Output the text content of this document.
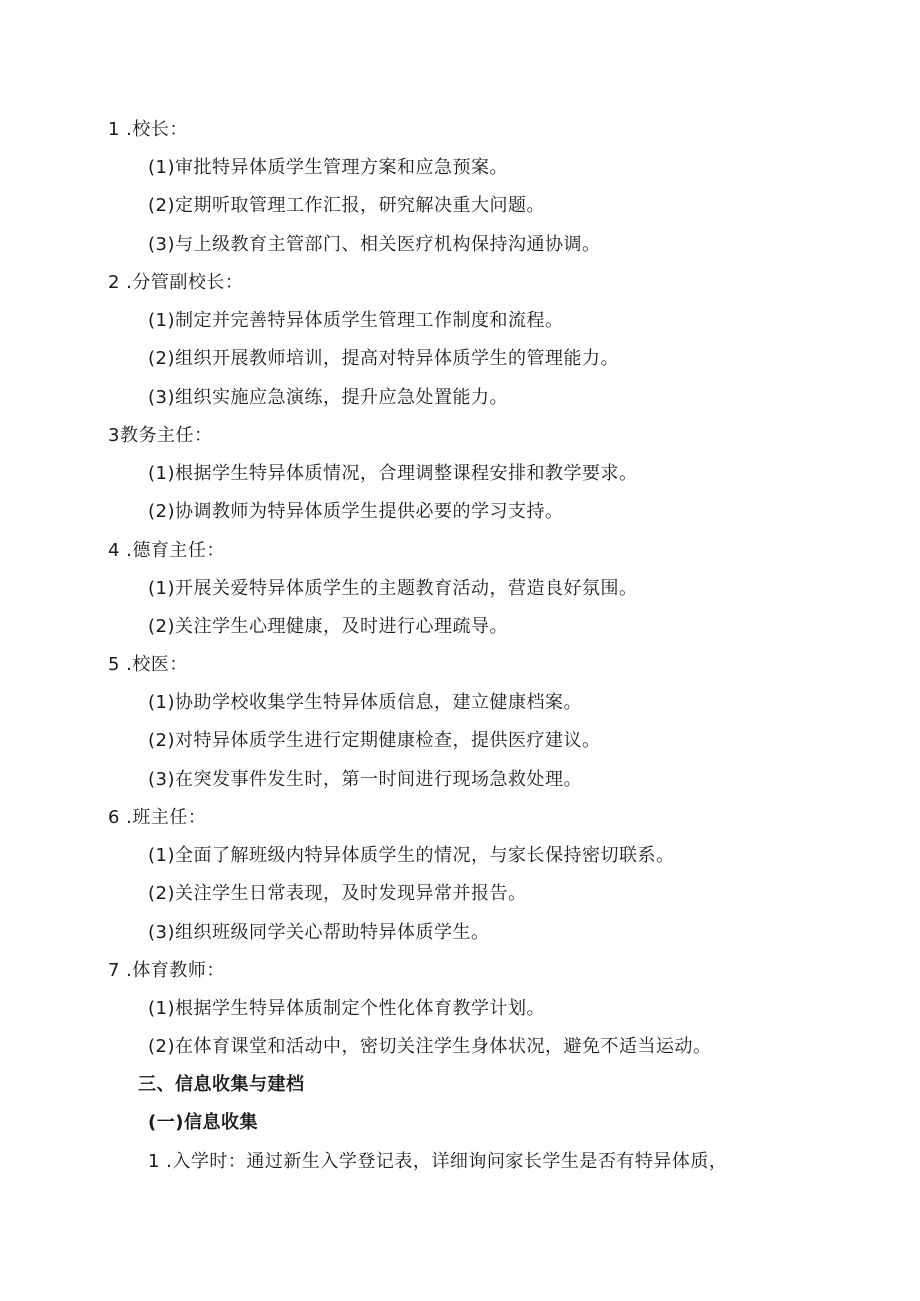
1 .校长：
(1)审批特异体质学生管理方案和应急预案。
(2)定期听取管理工作汇报，研究解决重大问题。
(3)与上级教育主管部门、相关医疗机构保持沟通协调。
2 .分管副校长：
(1)制定并完善特异体质学生管理工作制度和流程。
(2)组织开展教师培训，提高对特异体质学生的管理能力。
(3)组织实施应急演练，提升应急处置能力。
3教务主任：
(1)根据学生特异体质情况，合理调整课程安排和教学要求。
(2)协调教师为特异体质学生提供必要的学习支持。
4 .德育主任：
(1)开展关爱特异体质学生的主题教育活动，营造良好氛围。
(2)关注学生心理健康，及时进行心理疏导。
5 .校医：
(1)协助学校收集学生特异体质信息，建立健康档案。
(2)对特异体质学生进行定期健康检查，提供医疗建议。
(3)在突发事件发生时，第一时间进行现场急救处理。
6 .班主任：
(1)全面了解班级内特异体质学生的情况，与家长保持密切联系。
(2)关注学生日常表现，及时发现异常并报告。
(3)组织班级同学关心帮助特异体质学生。
7 .体育教师：
(1)根据学生特异体质制定个性化体育教学计划。
(2)在体育课堂和活动中，密切关注学生身体状况，避免不适当运动。
三、信息收集与建档
(一)信息收集
1 .入学时：通过新生入学登记表，详细询问家长学生是否有特异体质，
